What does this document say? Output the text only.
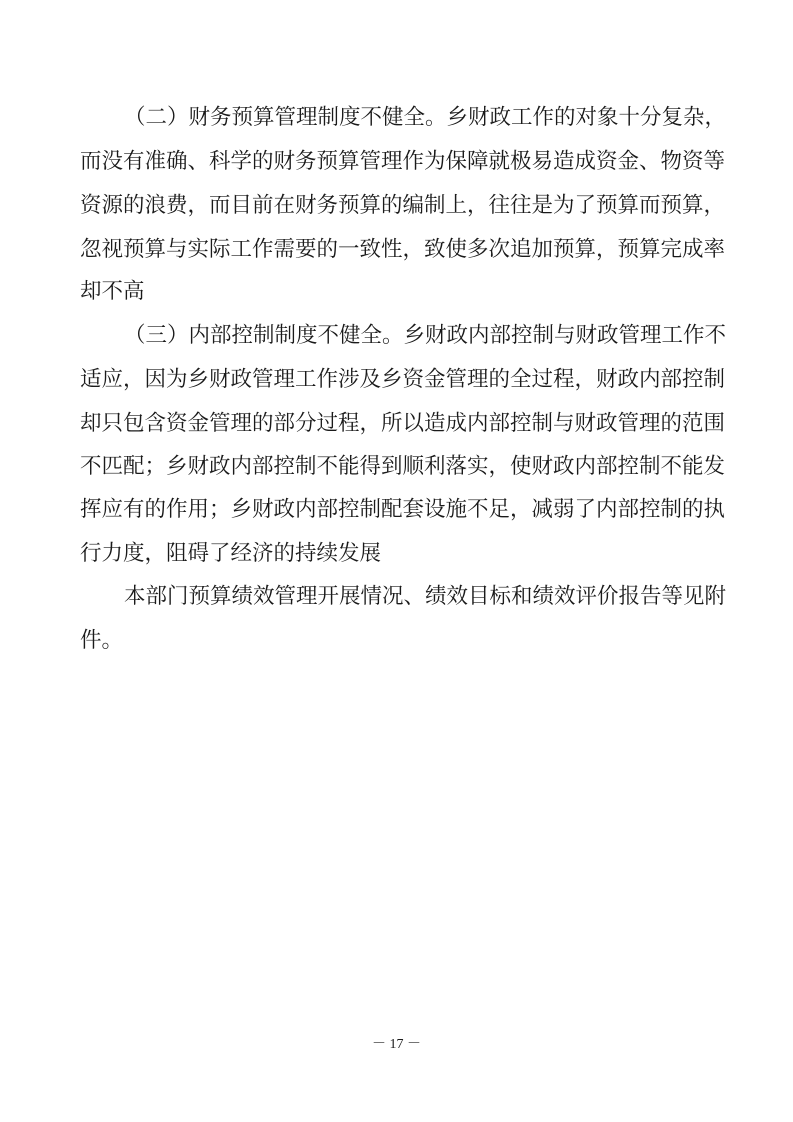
（二）财务预算管理制度不健全。乡财政工作的对象十分复杂，
而没有准确、科学的财务预算管理作为保障就极易造成资金、物资等
资源的浪费，而目前在财务预算的编制上，往往是为了预算而预算，
忽视预算与实际工作需要的一致性，致使多次追加预算，预算完成率
却不高
（三）内部控制制度不健全。乡财政内部控制与财政管理工作不
适应，因为乡财政管理工作涉及乡资金管理的全过程，财政内部控制
却只包含资金管理的部分过程，所以造成内部控制与财政管理的范围
不匹配；乡财政内部控制不能得到顺利落实，使财政内部控制不能发
挥应有的作用；乡财政内部控制配套设施不足，减弱了内部控制的执
行力度，阻碍了经济的持续发展
本部门预算绩效管理开展情况、绩效目标和绩效评价报告等见附
件。
－ 17 －
